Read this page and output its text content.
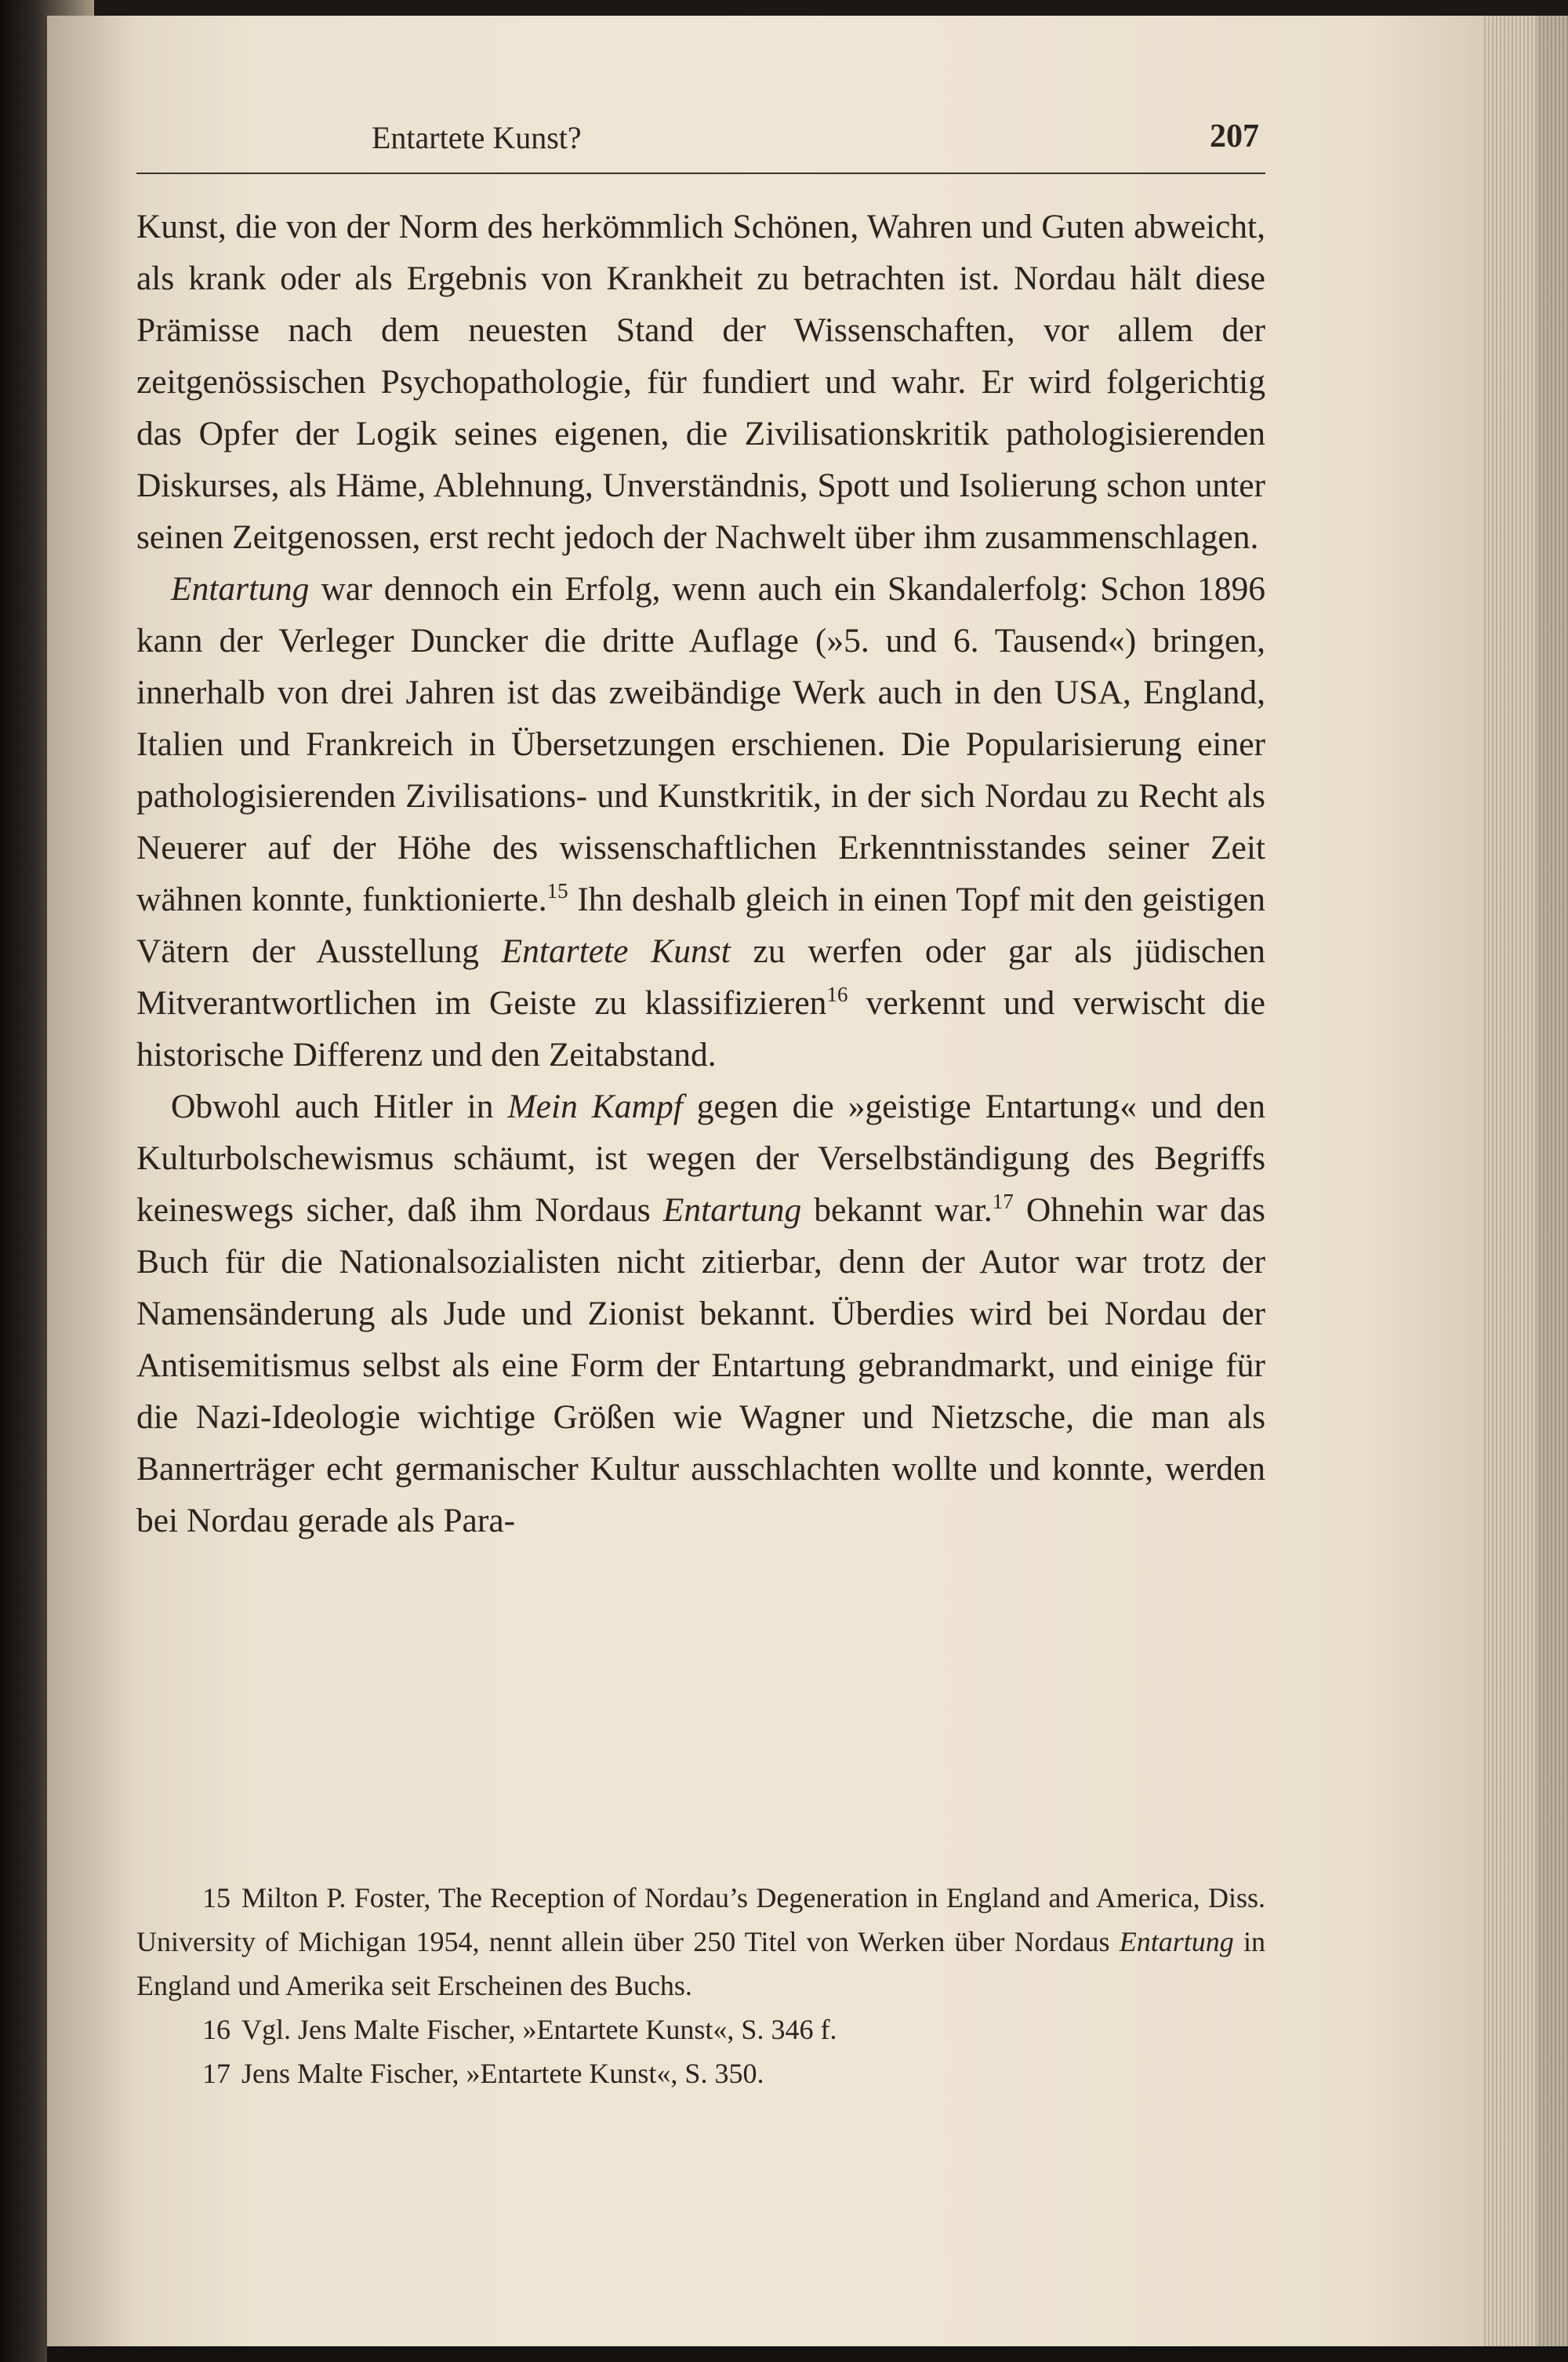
Entartete Kunst?	207

Kunst, die von der Norm des herkömmlich Schönen, Wahren und Guten abweicht, als krank oder als Ergebnis von Krankheit zu betrachten ist. Nordau hält diese Prämisse nach dem neuesten Stand der Wissenschaften, vor allem der zeitgenössischen Psychopathologie, für fundiert und wahr. Er wird folgerichtig das Opfer der Logik seines eigenen, die Zivilisationskritik pathologisierenden Diskurses, als Häme, Ablehnung, Unverständnis, Spott und Isolierung schon unter seinen Zeitgenossen, erst recht jedoch der Nachwelt über ihm zusammenschlagen.

Entartung war dennoch ein Erfolg, wenn auch ein Skandalerfolg: Schon 1896 kann der Verleger Duncker die dritte Auflage (»5. und 6. Tausend«) bringen, innerhalb von drei Jahren ist das zweibändige Werk auch in den USA, England, Italien und Frankreich in Übersetzungen erschienen. Die Popularisierung einer pathologisierenden Zivilisations- und Kunstkritik, in der sich Nordau zu Recht als Neuerer auf der Höhe des wissenschaftlichen Erkenntnisstandes seiner Zeit wähnen konnte, funktionierte.$^{15}$ Ihn deshalb gleich in einen Topf mit den geistigen Vätern der Ausstellung Entartete Kunst zu werfen oder gar als jüdischen Mitverantwortlichen im Geiste zu klassifizieren$^{16}$ verkennt und verwischt die historische Differenz und den Zeitabstand.

Obwohl auch Hitler in Mein Kampf gegen die »geistige Entartung« und den Kulturbolschewismus schäumt, ist wegen der Verselbständigung des Begriffs keineswegs sicher, daß ihm Nordaus Entartung bekannt war.$^{17}$ Ohnehin war das Buch für die Nationalsozialisten nicht zitierbar, denn der Autor war trotz der Namensänderung als Jude und Zionist bekannt. Überdies wird bei Nordau der Antisemitismus selbst als eine Form der Entartung gebrandmarkt, und einige für die Nazi-Ideologie wichtige Größen wie Wagner und Nietzsche, die man als Bannerträger echt germanischer Kultur ausschlachten wollte und konnte, werden bei Nordau gerade als Para-

15 Milton P. Foster, The Reception of Nordau’s Degeneration in England and America, Diss. University of Michigan 1954, nennt allein über 250 Titel von Werken über Nordaus Entartung in England und Amerika seit Erscheinen des Buchs.

16 Vgl. Jens Malte Fischer, »Entartete Kunst«, S. 346 f.

17 Jens Malte Fischer, »Entartete Kunst«, S. 350.
